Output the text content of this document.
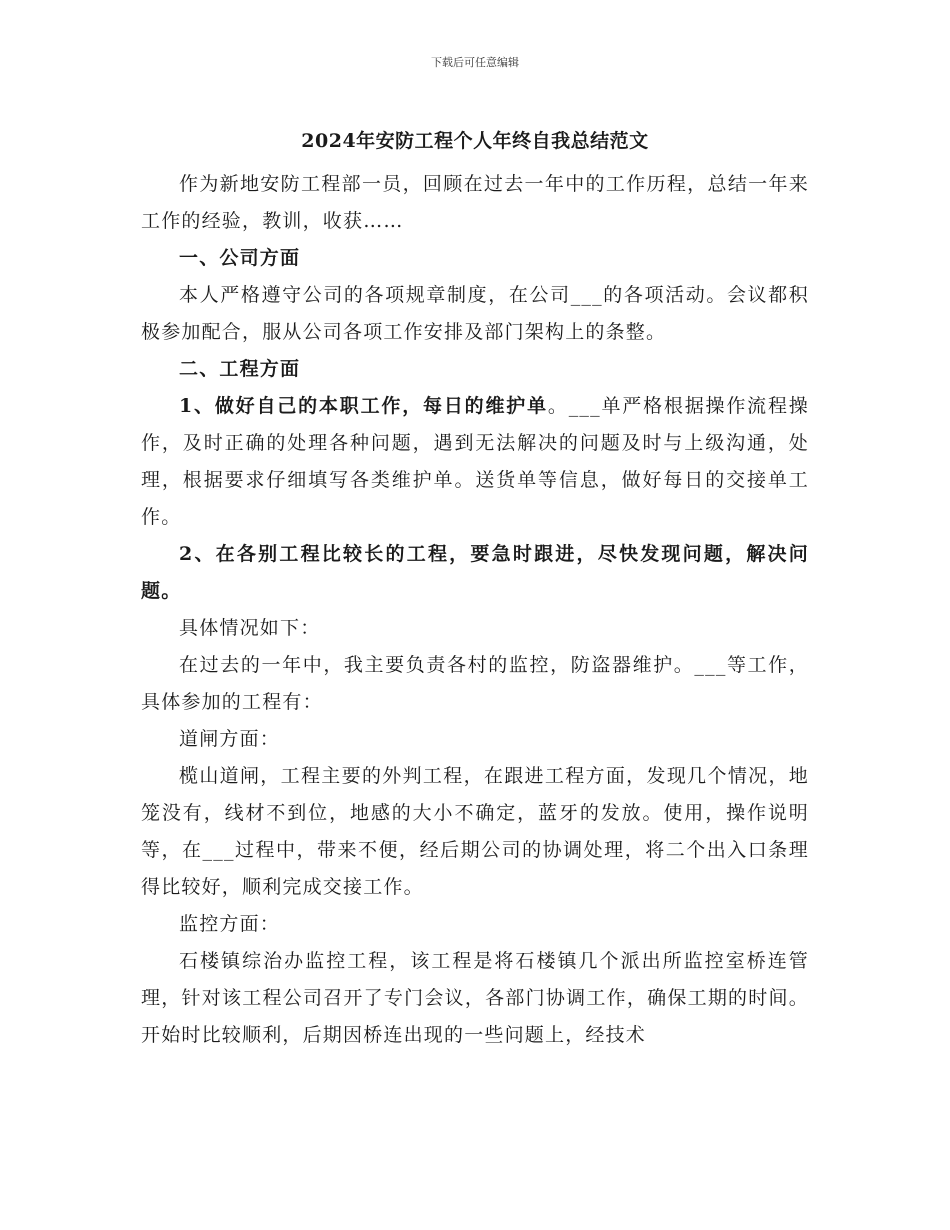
下载后可任意编辑
2024年安防工程个人年终自我总结范文

作为新地安防工程部一员，回顾在过去一年中的工作历程，总结一年来工作的经验，教训，收获……

一、公司方面

本人严格遵守公司的各项规章制度，在公司___的各项活动。会议都积极参加配合，服从公司各项工作安排及部门架构上的条整。

二、工程方面

1、做好自己的本职工作，每日的维护单。___单严格根据操作流程操作，及时正确的处理各种问题，遇到无法解决的问题及时与上级沟通，处理，根据要求仔细填写各类维护单。送货单等信息，做好每日的交接单工作。

2、在各别工程比较长的工程，要急时跟进，尽快发现问题，解决问题。

具体情况如下：

在过去的一年中，我主要负责各村的监控，防盗器维护。___等工作，具体参加的工程有：

道闸方面：

榄山道闸，工程主要的外判工程，在跟进工程方面，发现几个情况，地笼没有，线材不到位，地感的大小不确定，蓝牙的发放。使用，操作说明等，在___过程中，带来不便，经后期公司的协调处理，将二个出入口条理得比较好，顺利完成交接工作。

监控方面：

石楼镇综治办监控工程，该工程是将石楼镇几个派出所监控室桥连管理，针对该工程公司召开了专门会议，各部门协调工作，确保工期的时间。开始时比较顺利，后期因桥连出现的一些问题上，经技术
